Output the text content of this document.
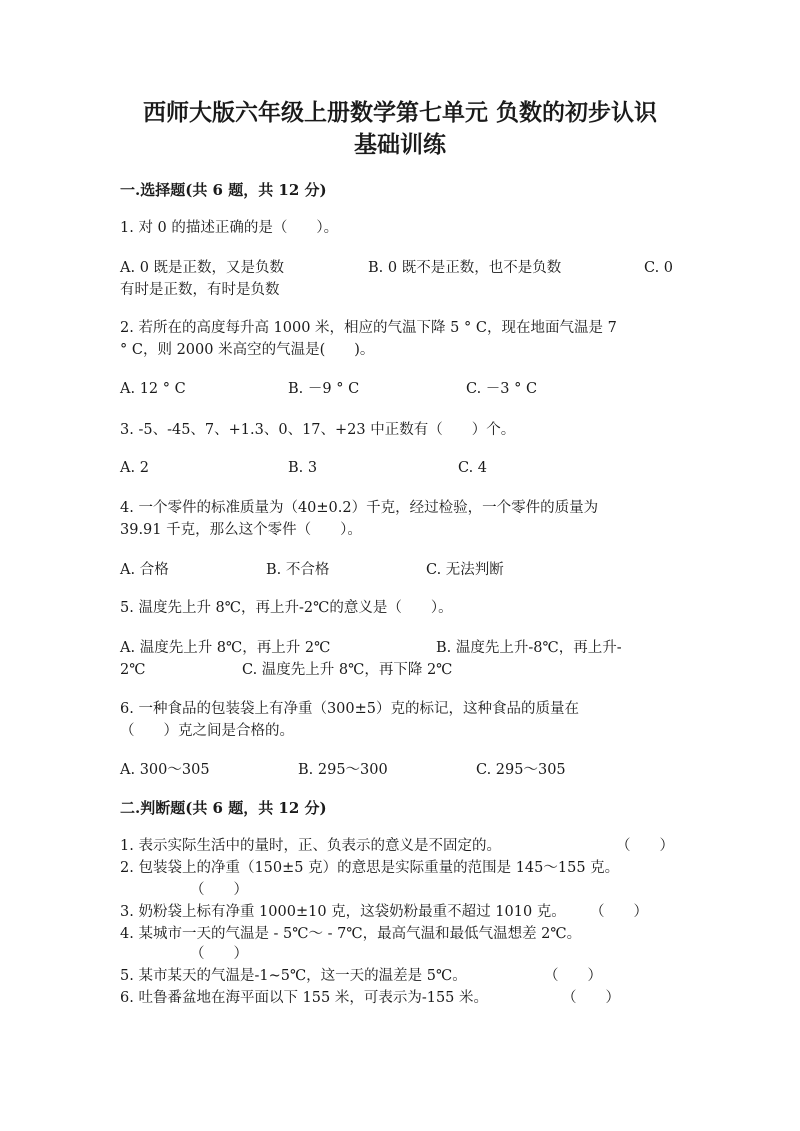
西师大版六年级上册数学第七单元 负数的初步认识
基础训练
一.选择题(共 6 题，共 12 分)

1. 对 0 的描述正确的是（　　）。

A. 0 既是正数，又是负数	B. 0 既不是正数，也不是负数	C. 0
有时是正数，有时是负数

2. 若所在的高度每升高 1000 米，相应的气温下降 5 ° C，现在地面气温是 7

° C，则 2000 米高空的气温是(　　)。

A. 12 ° C	B. －9 ° C	C. －3 ° C

3. -5、-45、7、+1.3、0、17、+23 中正数有（　　）个。

A. 2	B. 3	C. 4

4. 一个零件的标准质量为（40±0.2）千克，经过检验，一个零件的质量为

39.91 千克，那么这个零件（　　）。

A. 合格	B. 不合格	C. 无法判断

5. 温度先上升 8℃，再上升-2℃的意义是（　　）。

A. 温度先上升 8℃，再上升 2℃	B. 温度先上升-8℃，再上升-
2℃	C. 温度先上升 8℃，再下降 2℃

6. 一种食品的包装袋上有净重（300±5）克的标记，这种食品的质量在

（　　）克之间是合格的。

A. 300～305	B. 295～300	C. 295～305
二.判断题(共 6 题，共 12 分)

1. 表示实际生活中的量时，正、负表示的意义是不固定的。	（　　）

2. 包装袋上的净重（150±5 克）的意思是实际重量的范围是 145～155 克。

（　　）

3. 奶粉袋上标有净重 1000±10 克，这袋奶粉最重不超过 1010 克。 （　　）

4. 某城市一天的气温是 - 5℃～ - 7℃，最高气温和最低气温想差 2℃。

（　　）

5. 某市某天的气温是-1~5℃，这一天的温差是 5℃。	（　　）

6. 吐鲁番盆地在海平面以下 155 米，可表示为-155 米。	（　　）
